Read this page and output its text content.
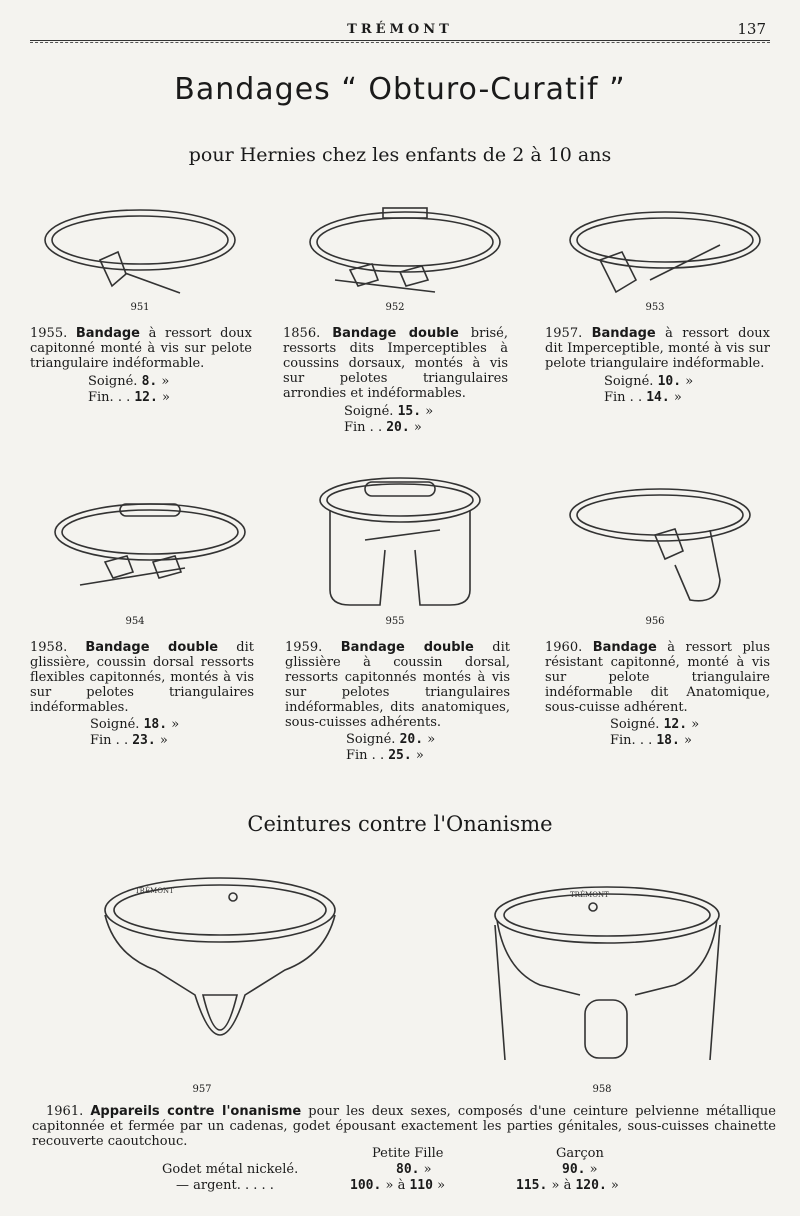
TRÉMONT	137
Bandages “ Obturo-Curatif ”
pour Hernies chez les enfants de 2 à 10 ans
951	952	953
1955. Bandage à ressort doux capitonné monté à vis sur pelote triangulaire indéformable.
Soigné. 8. »
Fin. . . 12. »
1856. Bandage double brisé, ressorts dits Imperceptibles à coussins dorsaux, montés à vis sur pelotes triangulaires arrondies et indéformables.
Soigné. 15. »
Fin . . 20. »
1957. Bandage à ressort doux dit Imperceptible, monté à vis sur pelote triangulaire indéformable.
Soigné. 10. »
Fin . . 14. »
954	955	956
1958. Bandage double dit glissière, coussin dorsal ressorts flexibles capitonnés, montés à vis sur pelotes triangulaires indéformables.
Soigné. 18. »
Fin . . 23. »
1959. Bandage double dit glissière à coussin dorsal, ressorts capitonnés montés à vis sur pelotes triangulaires indéformables, dits anatomiques, sous-cuisses adhérents.
Soigné. 20. »
Fin . . 25. »
1960. Bandage à ressort plus résistant capitonné, monté à vis sur pelote triangulaire indéformable dit Anatomique, sous-cuisse adhérent.
Soigné. 12. »
Fin. . . 18. »
Ceintures contre l'Onanisme
TRÉMONT	TRÉMONT
957	958
1961. Appareils contre l'onanisme pour les deux sexes, composés d'une ceinture pelvienne métallique capitonnée et fermée par un cadenas, godet épousant exactement les parties génitales, sous-cuisses chainette recouverte caoutchouc.
Petite Fille	Garçon
Godet métal nickelé.	80. »	90. »
— argent. . . . .	100. » à 110 »	115. » à 120. »
